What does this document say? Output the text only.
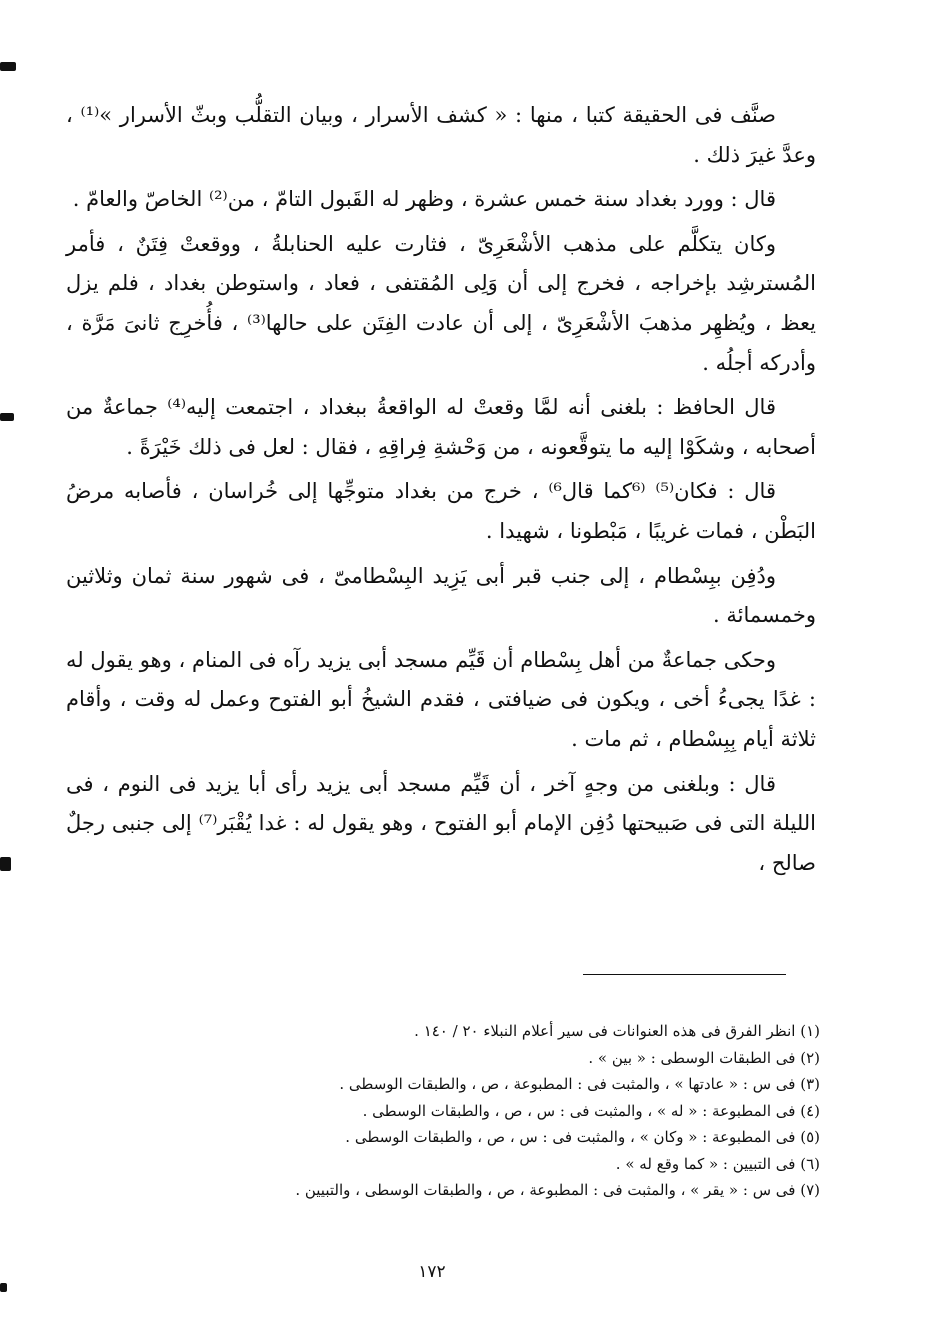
صنَّف فى الحقيقة كتبا ، منها : « كشف الأسرار ، وبيان التقلُّب وبثّ الأسرار »⁽¹⁾ ، وعدَّ غيرَ ذلك .

قال : وورد بغداد سنة خمس عشرة ، وظهر له القَبول التامّ ، من⁽²⁾ الخاصّ والعامّ .

وكان يتكلَّم على مذهب الأشْعَرِىّ ، فثارت عليه الحنابلةُ ، ووقعتْ فِتَنٌ ، فأمر المُسترشِد بإخراجه ، فخرج إلى أن وَلِى المُقتفى ، فعاد ، واستوطن بغداد ، فلم يزل يعظ ، ويُظهِر مذهبَ الأشْعَرِىّ ، إلى أن عادت الفِتَن على حالها⁽³⁾ ، فأُخرِج ثانىَ مَرَّة ، وأدركه أجلُه .

قال الحافظ : بلغنى أنه لمَّا وقعتْ له الواقعةُ ببغداد ، اجتمعت إليه⁽⁴⁾ جماعةٌ من أصحابه ، وشكَوْا إليه ما يتوقَّعونه ، من وَحْشةِ فِراقِهِ ، فقال : لعل فى ذلك خَيْرَةً .

قال : فكان⁽⁵⁾ ⁽⁶كما قال⁶⁾ ، خرج من بغداد متوجِّها إلى خُراسان ، فأصابه مرضُ البَطْن ، فمات غريبًا ، مَبْطونا ، شهيدا .

ودُفِن ببِسْطام ، إلى جنب قبر أبى يَزِيد البِسْطامىّ ، فى شهور سنة ثمان وثلاثين وخمسمائة .

وحكى جماعةٌ من أهل بِسْطام أن قَيِّم مسجد أبى يزيد رآه فى المنام ، وهو يقول له : غدًا يجىءُ أخى ، ويكون فى ضيافتى ، فقدم الشيخُ أبو الفتوح وعمل له وقت ، وأقام ثلاثة أيام بِبِسْطام ، ثم مات .

قال : وبلغنى من وجهٍ آخر ، أن قَيِّم مسجد أبى يزيد رأى أبا يزيد فى النوم ، فى الليلة التى فى صَبيحتها دُفِن الإمام أبو الفتوح ، وهو يقول له : غدا يُقْبَر⁽⁷⁾ إلى جنبى رجلٌ صالح ،

(١) انظر الفرق فى هذه العنوانات فى سير أعلام النبلاء ٢٠ / ١٤٠ .

(٢) فى الطبقات الوسطى : « بين » .

(٣) فى س : « عادتها » ، والمثبت فى : المطبوعة ، ص ، والطبقات الوسطى .

(٤) فى المطبوعة : « له » ، والمثبت فى : س ، ص ، والطبقات الوسطى .

(٥) فى المطبوعة : « وكان » ، والمثبت فى : س ، ص ، والطبقات الوسطى .

(٦) فى التبيين : « كما وقع له » .

(٧) فى س : « يقر » ، والمثبت فى : المطبوعة ، ص ، والطبقات الوسطى ، والتبيين .

١٧٢
